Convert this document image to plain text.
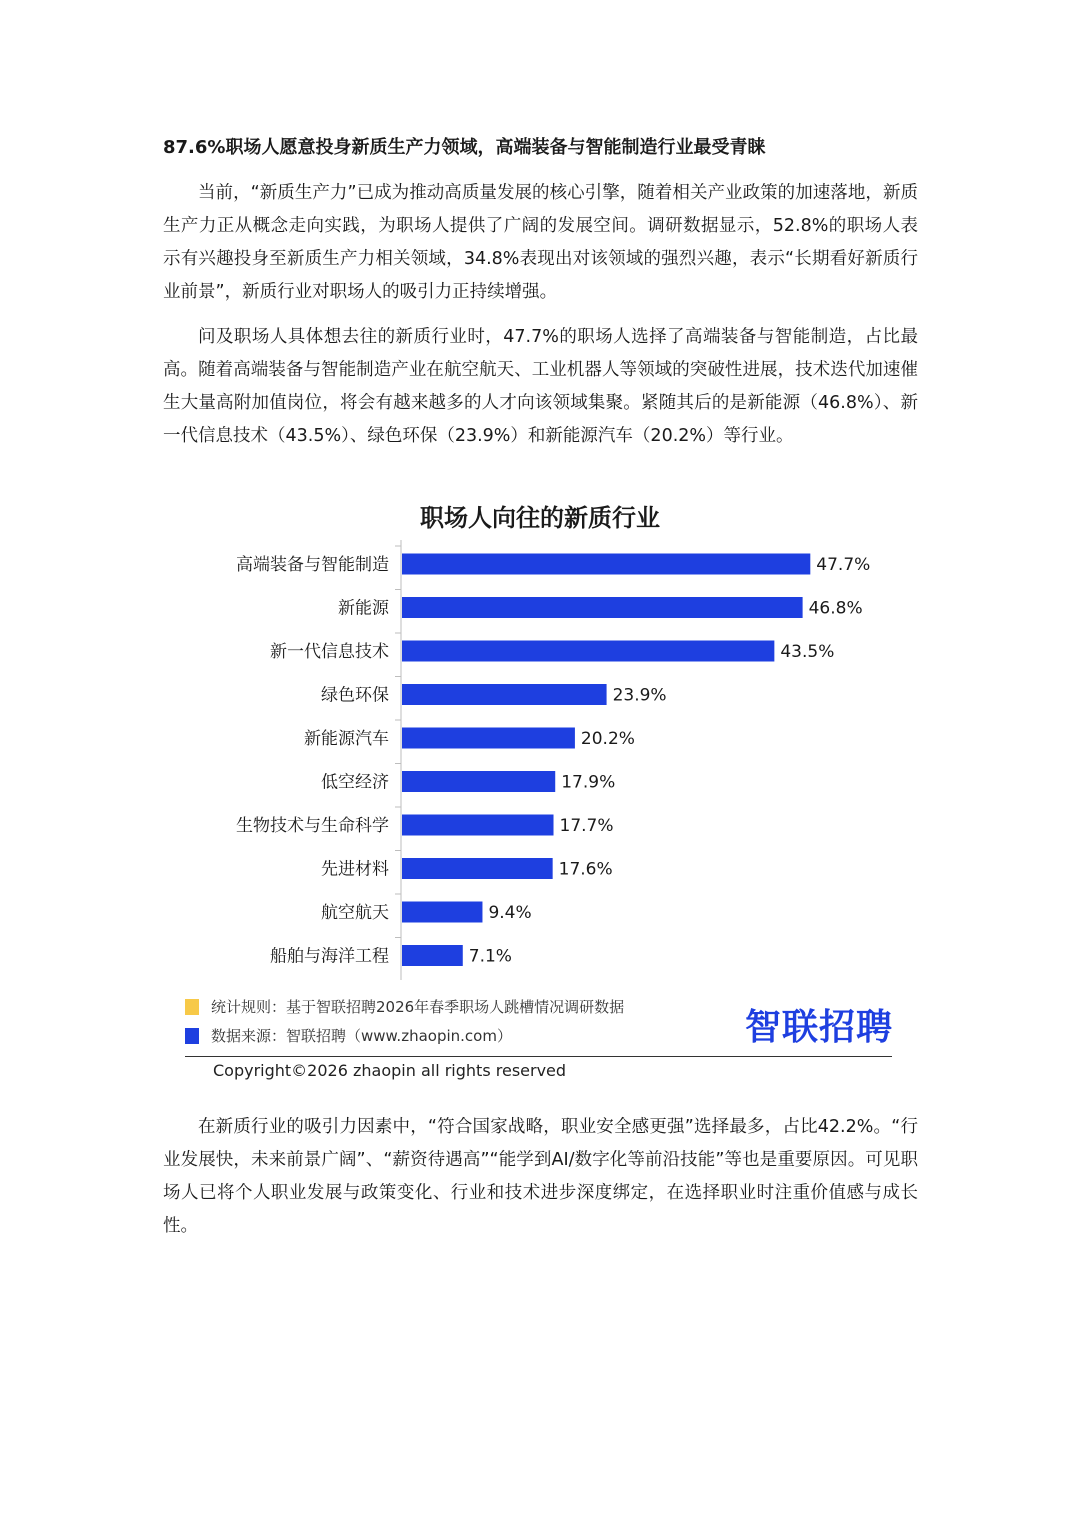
87.6%职场人愿意投身新质生产力领域，高端装备与智能制造行业最受青睐

当前，“新质生产力”已成为推动高质量发展的核心引擎，随着相关产业政策的加速落地，新质生产力正从概念走向实践，为职场人提供了广阔的发展空间。调研数据显示，52.8%的职场人表示有兴趣投身至新质生产力相关领域，34.8%表现出对该领域的强烈兴趣，表示“长期看好新质行业前景”，新质行业对职场人的吸引力正持续增强。

问及职场人具体想去往的新质行业时，47.7%的职场人选择了高端装备与智能制造，占比最高。随着高端装备与智能制造产业在航空航天、工业机器人等领域的突破性进展，技术迭代加速催生大量高附加值岗位，将会有越来越多的人才向该领域集聚。紧随其后的是新能源（46.8%）、新一代信息技术（43.5%）、绿色环保（23.9%）和新能源汽车（20.2%）等行业。

职场人向往的新质行业
高端装备与智能制造	47.7%
新能源	46.8%
新一代信息技术	43.5%
绿色环保	23.9%
新能源汽车	20.2%
低空经济	17.9%
生物技术与生命科学	17.7%
先进材料	17.6%
航空航天	9.4%
船舶与海洋工程	7.1%
统计规则：基于智联招聘2026年春季职场人跳槽情况调研数据
数据来源：智联招聘（www.zhaopin.com）	智联招聘
Copyright©2026 zhaopin all rights reserved

在新质行业的吸引力因素中，“符合国家战略，职业安全感更强”选择最多，占比42.2%。“行业发展快，未来前景广阔”、“薪资待遇高”“能学到AI/数字化等前沿技能”等也是重要原因。可见职场人已将个人职业发展与政策变化、行业和技术进步深度绑定，在选择职业时注重价值感与成长性。
